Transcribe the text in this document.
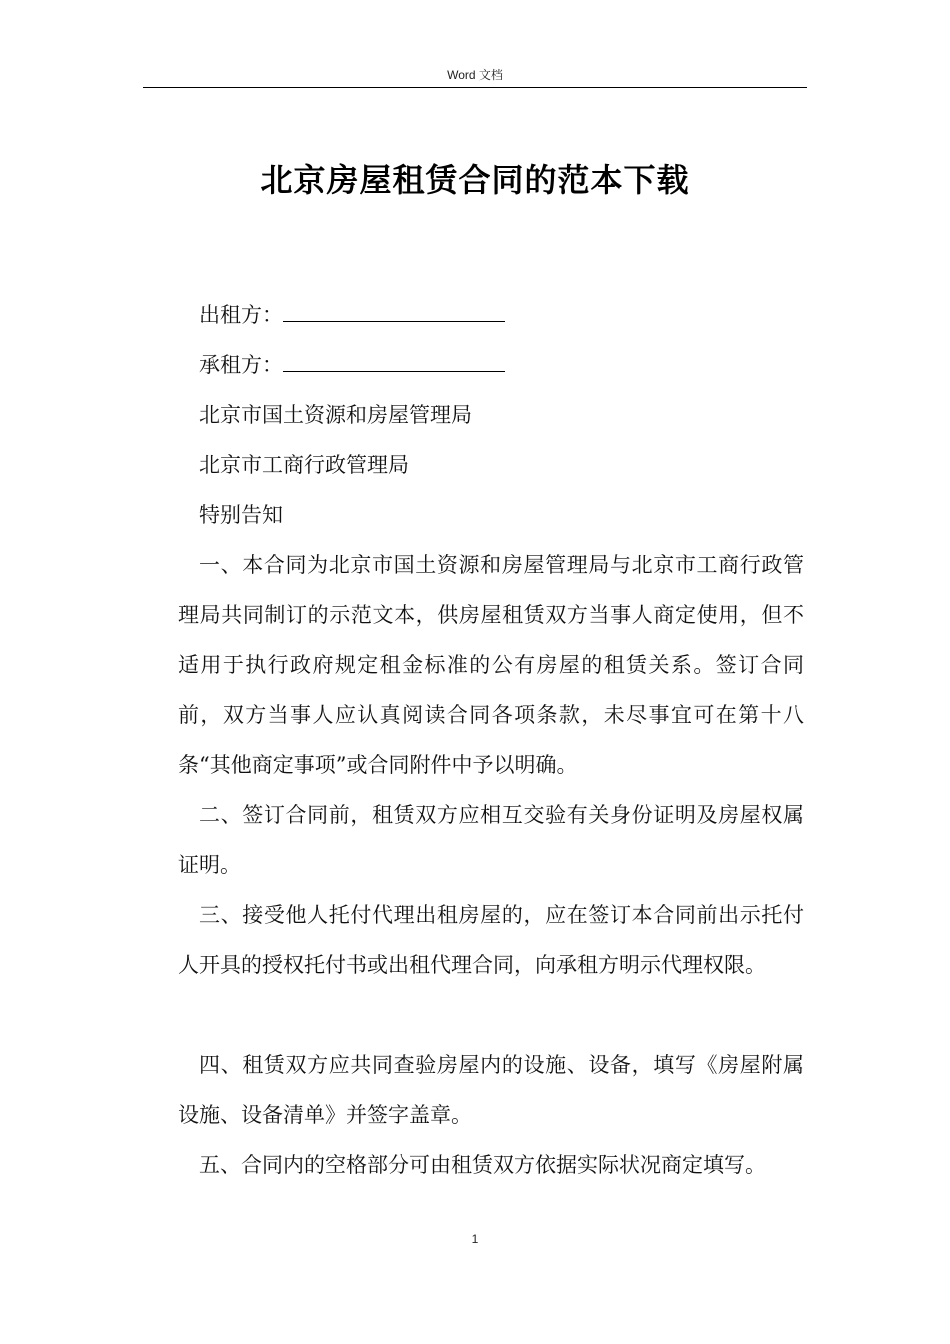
Word 文档
北京房屋租赁合同的范本下载

出租方：

承租方：

北京市国土资源和房屋管理局

北京市工商行政管理局

特别告知

一、本合同为北京市国土资源和房屋管理局与北京市工商行政管理局共同制订的示范文本，供房屋租赁双方当事人商定使用，但不适用于执行政府规定租金标准的公有房屋的租赁关系。签订合同前，双方当事人应认真阅读合同各项条款，未尽事宜可在第十八条“其他商定事项”或合同附件中予以明确。

二、签订合同前，租赁双方应相互交验有关身份证明及房屋权属证明。

三、接受他人托付代理出租房屋的，应在签订本合同前出示托付人开具的授权托付书或出租代理合同，向承租方明示代理权限。

四、租赁双方应共同查验房屋内的设施、设备，填写《房屋附属设施、设备清单》并签字盖章。

五、合同内的空格部分可由租赁双方依据实际状况商定填写。

1
